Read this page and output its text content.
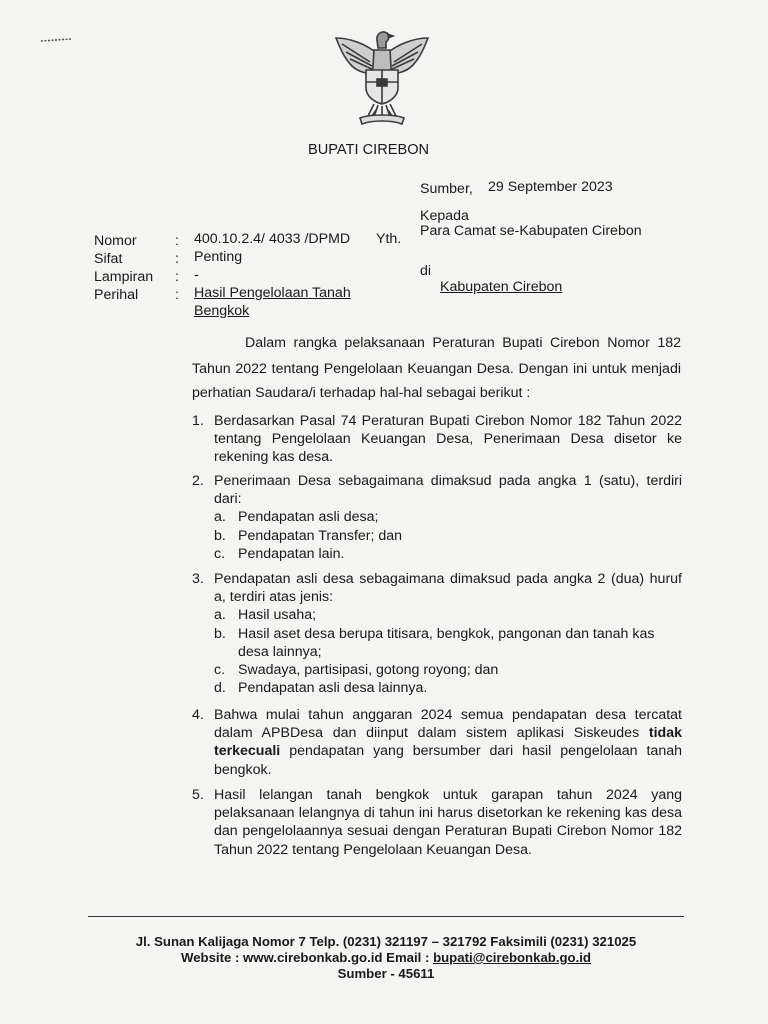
BUPATI CIREBON
Sumber, 29 September 2023
Kepada
Yth. Para Camat se-Kabupaten Cirebon
di
Kabupaten Cirebon
Nomor	: 400.10.2.4/ 4033 /DPMD
Sifat	: Penting
Lampiran : -
Perihal	: Hasil Pengelolaan Tanah
Bengkok
Dalam rangka pelaksanaan Peraturan Bupati Cirebon Nomor 182
Tahun 2022 tentang Pengelolaan Keuangan Desa. Dengan ini untuk menjadi
perhatian Saudara/i terhadap hal-hal sebagai berikut :
1. Berdasarkan Pasal 74 Peraturan Bupati Cirebon Nomor 182 Tahun 2022 tentang Pengelolaan Keuangan Desa, Penerimaan Desa disetor ke rekening kas desa.
2. Penerimaan Desa sebagaimana dimaksud pada angka 1 (satu), terdiri dari:
a. Pendapatan asli desa;
b. Pendapatan Transfer; dan
c. Pendapatan lain.
3. Pendapatan asli desa sebagaimana dimaksud pada angka 2 (dua) huruf a, terdiri atas jenis:
a. Hasil usaha;
b. Hasil aset desa berupa titisara, bengkok, pangonan dan tanah kas desa lainnya;
c. Swadaya, partisipasi, gotong royong; dan
d. Pendapatan asli desa lainnya.
4. Bahwa mulai tahun anggaran 2024 semua pendapatan desa tercatat dalam APBDesa dan diinput dalam sistem aplikasi Siskeudes tidak terkecuali pendapatan yang bersumber dari hasil pengelolaan tanah bengkok.
5. Hasil lelangan tanah bengkok untuk garapan tahun 2024 yang pelaksanaan lelangnya di tahun ini harus disetorkan ke rekening kas desa dan pengelolaannya sesuai dengan Peraturan Bupati Cirebon Nomor 182 Tahun 2022 tentang Pengelolaan Keuangan Desa.
Jl. Sunan Kalijaga Nomor 7 Telp. (0231) 321197 – 321792 Faksimili (0231) 321025
Website : www.cirebonkab.go.id Email : bupati@cirebonkab.go.id
Sumber - 45611
